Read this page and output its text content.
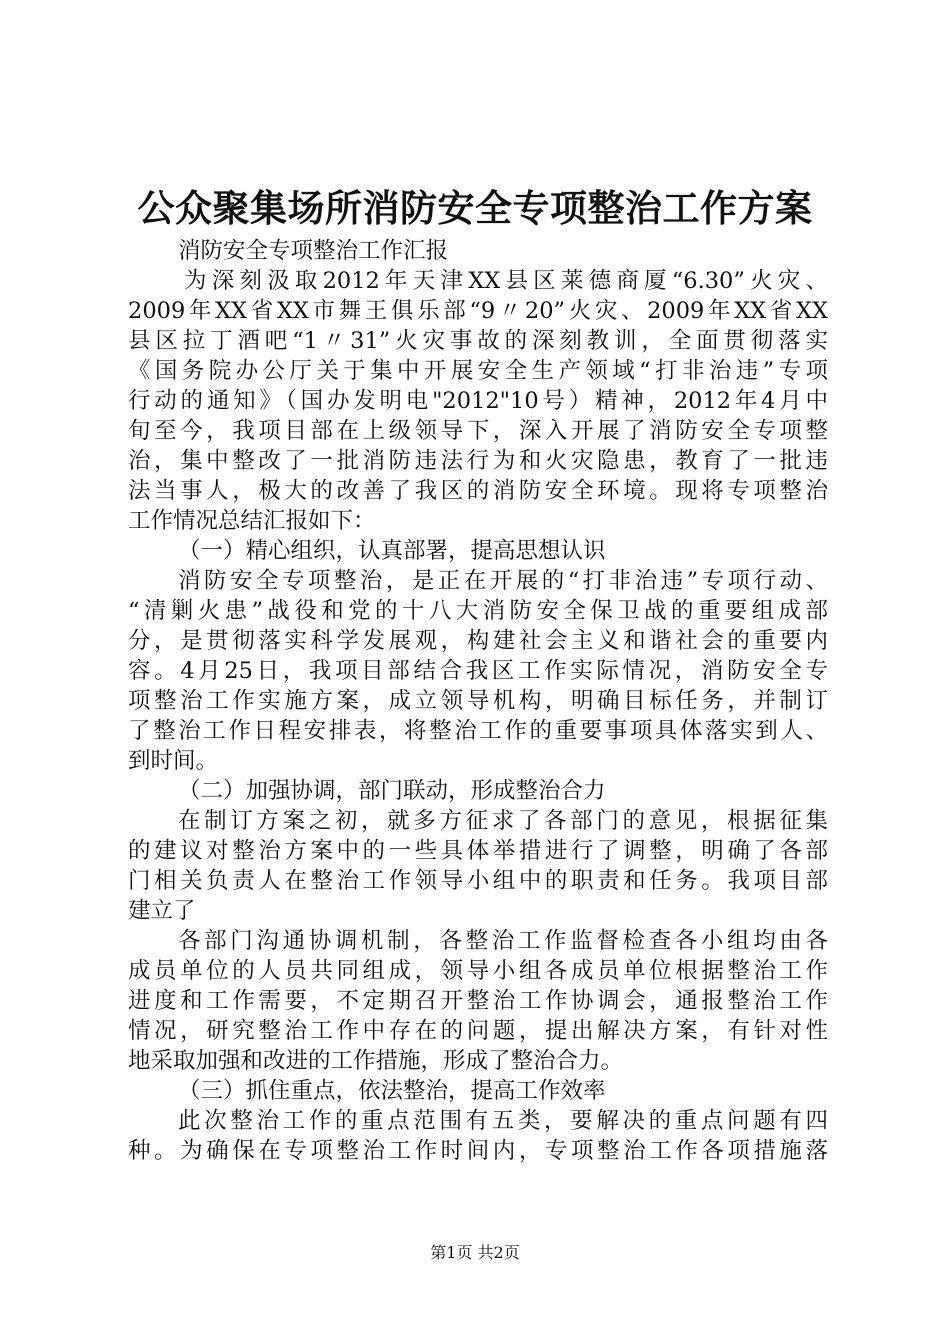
公众聚集场所消防安全专项整治工作方案
消防安全专项整治工作汇报
为深刻汲取2012年天津XX县区莱德商厦“6.30”火灾、
2009年XX省XX市舞王俱乐部“9〃20”火灾、2009年XX省XX
县区拉丁酒吧“1〃31”火灾事故的深刻教训，全面贯彻落实
《国务院办公厅关于集中开展安全生产领域“打非治违”专项
行动的通知》（国办发明电"2012"10号）精神，2012年4月中
旬至今，我项目部在上级领导下，深入开展了消防安全专项整
治，集中整改了一批消防违法行为和火灾隐患，教育了一批违
法当事人，极大的改善了我区的消防安全环境。现将专项整治
工作情况总结汇报如下：
（一）精心组织，认真部署，提高思想认识
消防安全专项整治，是正在开展的“打非治违”专项行动、
“清剿火患”战役和党的十八大消防安全保卫战的重要组成部
分，是贯彻落实科学发展观，构建社会主义和谐社会的重要内
容。4月25日，我项目部结合我区工作实际情况，消防安全专
项整治工作实施方案，成立领导机构，明确目标任务，并制订
了整治工作日程安排表，将整治工作的重要事项具体落实到人、
到时间。
（二）加强协调，部门联动，形成整治合力
在制订方案之初，就多方征求了各部门的意见，根据征集
的建议对整治方案中的一些具体举措进行了调整，明确了各部
门相关负责人在整治工作领导小组中的职责和任务。我项目部
建立了
各部门沟通协调机制，各整治工作监督检查各小组均由各
成员单位的人员共同组成，领导小组各成员单位根据整治工作
进度和工作需要，不定期召开整治工作协调会，通报整治工作
情况，研究整治工作中存在的问题，提出解决方案，有针对性
地采取加强和改进的工作措施，形成了整治合力。
（三）抓住重点，依法整治，提高工作效率
此次整治工作的重点范围有五类，要解决的重点问题有四
种。为确保在专项整治工作时间内，专项整治工作各项措施落
第1页 共2页
